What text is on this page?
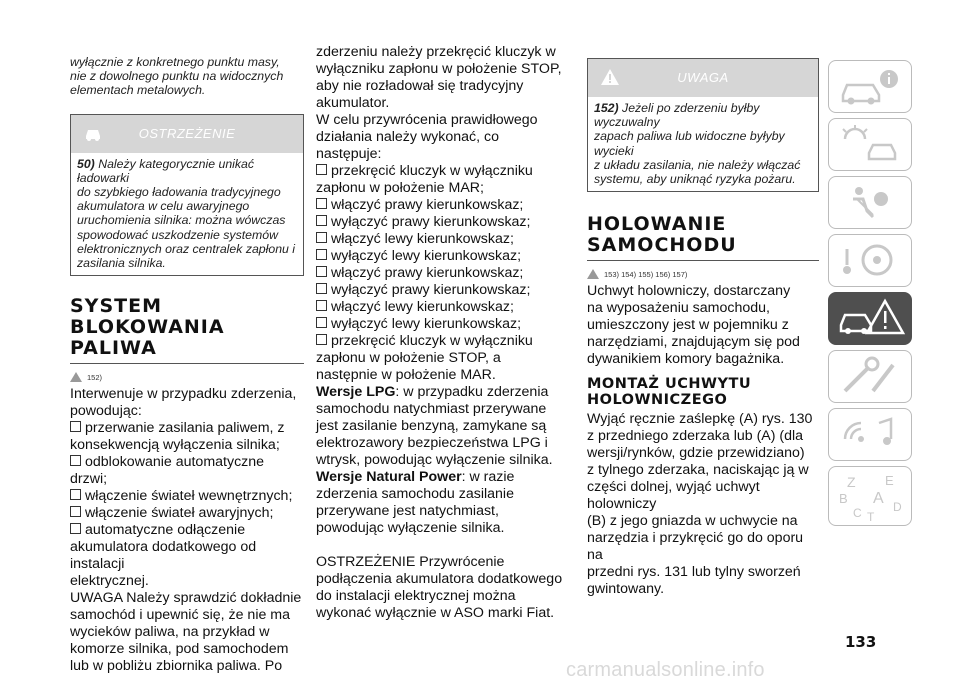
wyłącznie z konkretnego punktu masy,
nie z dowolnego punktu na widocznych
elementach metalowych.
OSTRZEŻENIE
50) Należy kategorycznie unikać ładowarki
do szybkiego ładowania tradycyjnego
akumulatora w celu awaryjnego
uruchomienia silnika: można wówczas
spowodować uszkodzenie systemów
elektronicznych oraz centralek zapłonu i
zasilania silnika.
SYSTEM
BLOKOWANIA
PALIWA
152)
Interwenuje w przypadku zderzenia,
powodując:
przerwanie zasilania paliwem, z
konsekwencją wyłączenia silnika;
odblokowanie automatyczne drzwi;
włączenie świateł wewnętrznych;
włączenie świateł awaryjnych;
automatyczne odłączenie
akumulatora dodatkowego od instalacji
elektrycznej.
UWAGA Należy sprawdzić dokładnie
samochód i upewnić się, że nie ma
wycieków paliwa, na przykład w
komorze silnika, pod samochodem
lub w pobliżu zbiornika paliwa. Po
zderzeniu należy przekręcić kluczyk w
wyłączniku zapłonu w położenie STOP,
aby nie rozładował się tradycyjny
akumulator.
W celu przywrócenia prawidłowego
działania należy wykonać, co
następuje:
przekręcić kluczyk w wyłączniku
zapłonu w położenie MAR;
włączyć prawy kierunkowskaz;
wyłączyć prawy kierunkowskaz;
włączyć lewy kierunkowskaz;
wyłączyć lewy kierunkowskaz;
włączyć prawy kierunkowskaz;
wyłączyć prawy kierunkowskaz;
włączyć lewy kierunkowskaz;
wyłączyć lewy kierunkowskaz;
przekręcić kluczyk w wyłączniku
zapłonu w położenie STOP, a
następnie w położenie MAR.
Wersje LPG: w przypadku zderzenia
samochodu natychmiast przerywane
jest zasilanie benzyną, zamykane są
elektrozawory bezpieczeństwa LPG i
wtrysk, powodując wyłączenie silnika.
Wersje Natural Power: w razie
zderzenia samochodu zasilanie
przerywane jest natychmiast,
powodując wyłączenie silnika.
OSTRZEŻENIE Przywrócenie
podłączenia akumulatora dodatkowego
do instalacji elektrycznej można
wykonać wyłącznie w ASO marki Fiat.
UWAGA
152) Jeżeli po zderzeniu byłby wyczuwalny
zapach paliwa lub widoczne byłyby wycieki
z układu zasilania, nie należy włączać
systemu, aby uniknąć ryzyka pożaru.
HOLOWANIE
SAMOCHODU
153) 154) 155) 156) 157)
Uchwyt holowniczy, dostarczany
na wyposażeniu samochodu,
umieszczony jest w pojemniku z
narzędziami, znajdującym się pod
dywanikiem komory bagażnika.
MONTAŻ UCHWYTU
HOLOWNICZEGO
Wyjąć ręcznie zaślepkę (A) rys. 130
z przedniego zderzaka lub (A) (dla
wersji/rynków, gdzie przewidziano)
z tylnego zderzaka, naciskając ją w
części dolnej, wyjąć uchwyt holowniczy
(B) z jego gniazda w uchwycie na
narzędzia i przykręcić go do oporu na
przedni rys. 131 lub tylny sworzeń
gwintowany.
Z E
B A
C T
D
133
carmanualsonline.info
